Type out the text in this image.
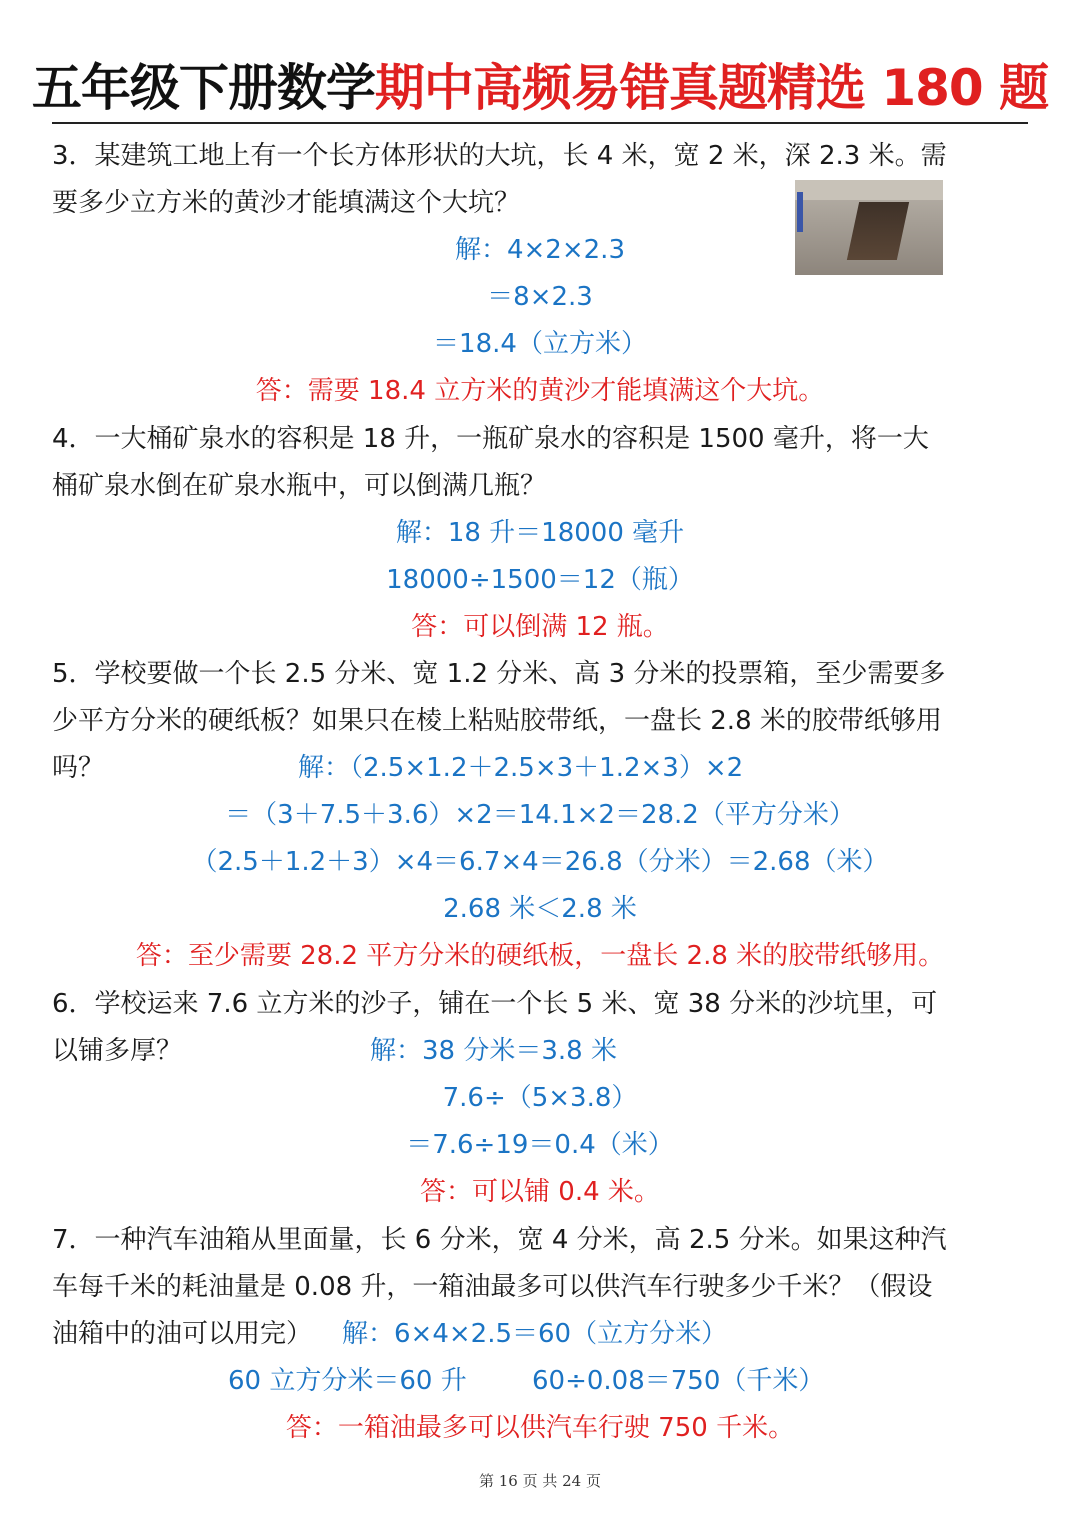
五年级下册数学期中高频易错真题精选 180 题
3．某建筑工地上有一个长方体形状的大坑，长 4 米，宽 2 米，深 2.3 米。需
要多少立方米的黄沙才能填满这个大坑？
解：4×2×2.3
＝8×2.3
＝18.4（立方米）
答：需要 18.4 立方米的黄沙才能填满这个大坑。
4．一大桶矿泉水的容积是 18 升，一瓶矿泉水的容积是 1500 毫升，将一大
桶矿泉水倒在矿泉水瓶中，可以倒满几瓶？
解：18 升＝18000 毫升
18000÷1500＝12（瓶）
答：可以倒满 12 瓶。
5．学校要做一个长 2.5 分米、宽 1.2 分米、高 3 分米的投票箱，至少需要多
少平方分米的硬纸板？如果只在棱上粘贴胶带纸，一盘长 2.8 米的胶带纸够用
吗？	解：（2.5×1.2＋2.5×3＋1.2×3）×2
＝（3＋7.5＋3.6）×2＝14.1×2＝28.2（平方分米）
（2.5＋1.2＋3）×4＝6.7×4＝26.8（分米）＝2.68（米）
2.68 米＜2.8 米
答：至少需要 28.2 平方分米的硬纸板，一盘长 2.8 米的胶带纸够用。
6．学校运来 7.6 立方米的沙子，铺在一个长 5 米、宽 38 分米的沙坑里，可
以铺多厚？	解：38 分米＝3.8 米
7.6÷（5×3.8）
＝7.6÷19＝0.4（米）
答：可以铺 0.4 米。
7．一种汽车油箱从里面量，长 6 分米，宽 4 分米，高 2.5 分米。如果这种汽
车每千米的耗油量是 0.08 升，一箱油最多可以供汽车行驶多少千米？（假设
油箱中的油可以用完）	解：6×4×2.5＝60（立方分米）
60 立方分米＝60 升	60÷0.08＝750（千米）
答：一箱油最多可以供汽车行驶 750 千米。
第 16 页 共 24 页
